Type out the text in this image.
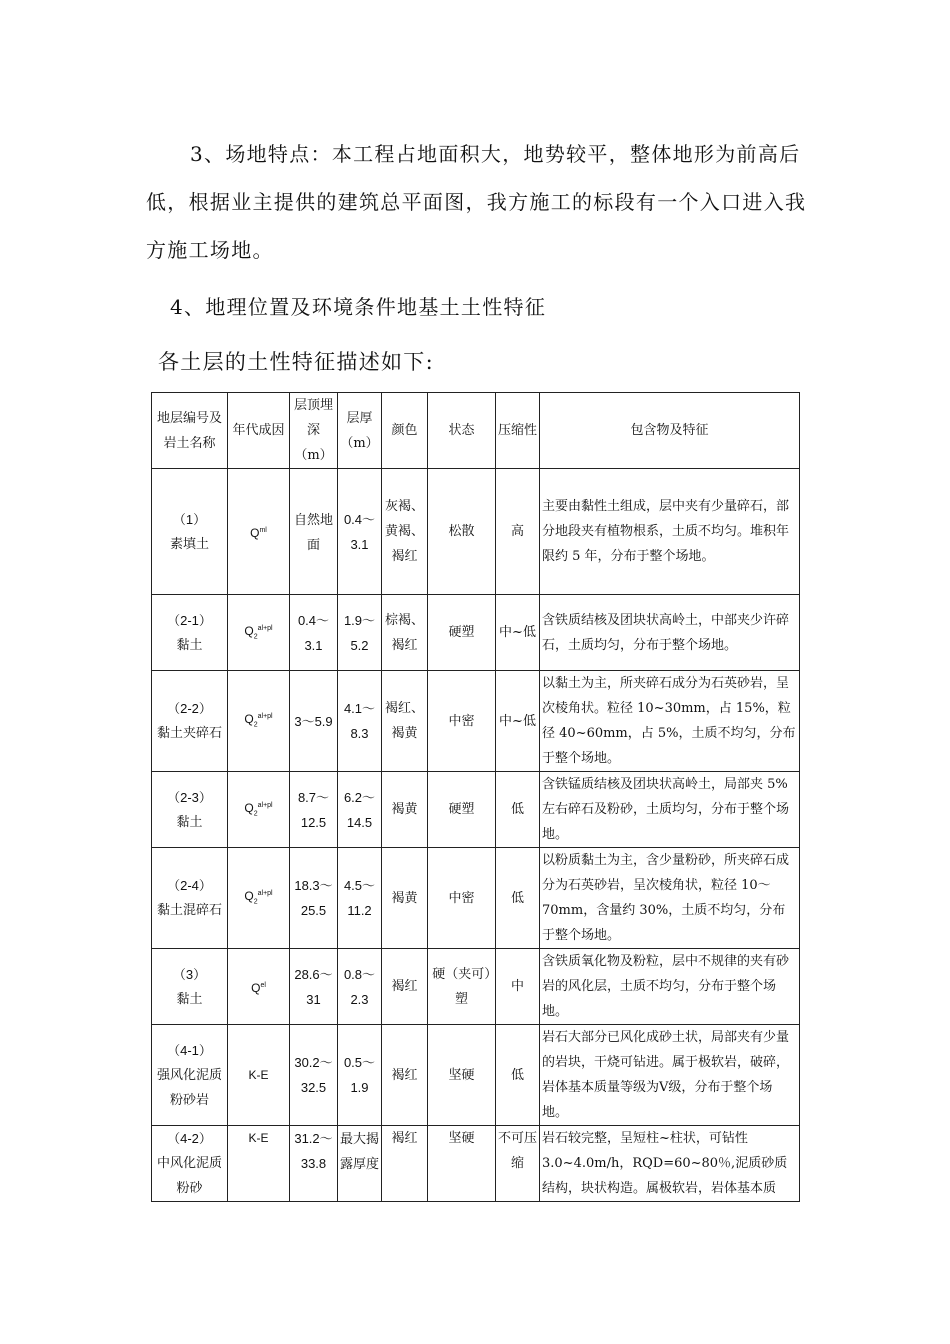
3、场地特点：本工程占地面积大，地势较平，整体地形为前高后低，根据业主提供的建筑总平面图，我方施工的标段有一个入口进入我方施工场地。
4、地理位置及环境条件地基土土性特征
各土层的土性特征描述如下:
地层编号及岩土名称	年代成因	层顶埋深（m）	层厚（m）	颜色	状态	压缩性	包含物及特征

（1）
素填土	$Q^{ml}$	自然地面	0.4～3.1	灰褐、黄褐、褐红	松散	高	主要由黏性土组成，层中夹有少量碎石，部分地段夹有植物根系，土质不均匀。堆积年限约 5 年，分布于整个场地。

（2-1）
黏土	$Q_2^{al+pl}$	0.4～3.1	1.9～5.2	棕褐、褐红	硬塑	中~低	含铁质结核及团块状高岭土，中部夹少许碎石，土质均匀，分布于整个场地。

（2-2）
黏土夹碎石	$Q_2^{al+pl}$	3～5.9	4.1～8.3	褐红、褐黄	中密	中~低	以黏土为主，所夹碎石成分为石英砂岩，呈次棱角状。粒径 10~30mm，占 15%，粒径 40~60mm，占 5%，土质不均匀，分布于整个场地。

（2-3）
黏土	$Q_2^{al+pl}$	8.7～12.5	6.2～14.5	褐黄	硬塑	低	含铁锰质结核及团块状高岭土，局部夹 5%左右碎石及粉砂，土质均匀，分布于整个场地。

（2-4）
黏土混碎石	$Q_2^{al+pl}$	18.3～25.5	4.5～11.2	褐黄	中密	低	以粉质黏土为主，含少量粉砂，所夹碎石成分为石英砂岩，呈次棱角状，粒径 10～70mm，含量约 30%，土质不均匀，分布于整个场地。

（3）
黏土	$Q^{el}$	28.6～31	0.8～2.3	褐红	硬（夹可）塑	中	含铁质氧化物及粉粒，层中不规律的夹有砂岩的风化层，土质不均匀，分布于整个场地。

（4-1）
强风化泥质粉砂岩	K-E	30.2～32.5	0.5～1.9	褐红	坚硬	低	岩石大部分已风化成砂土状，局部夹有少量的岩块，干烧可钻进。属于极软岩，破碎，岩体基本质量等级为Ⅴ级，分布于整个场地。

（4-2）
中风化泥质粉砂	K-E	31.2～33.8	最大揭露厚度	褐红	坚硬	不可压缩	岩石较完整，呈短柱~柱状，可钻性 3.0~4.0m/h，RQD=60~80％,泥质砂质结构，块状构造。属极软岩，岩体基本质
